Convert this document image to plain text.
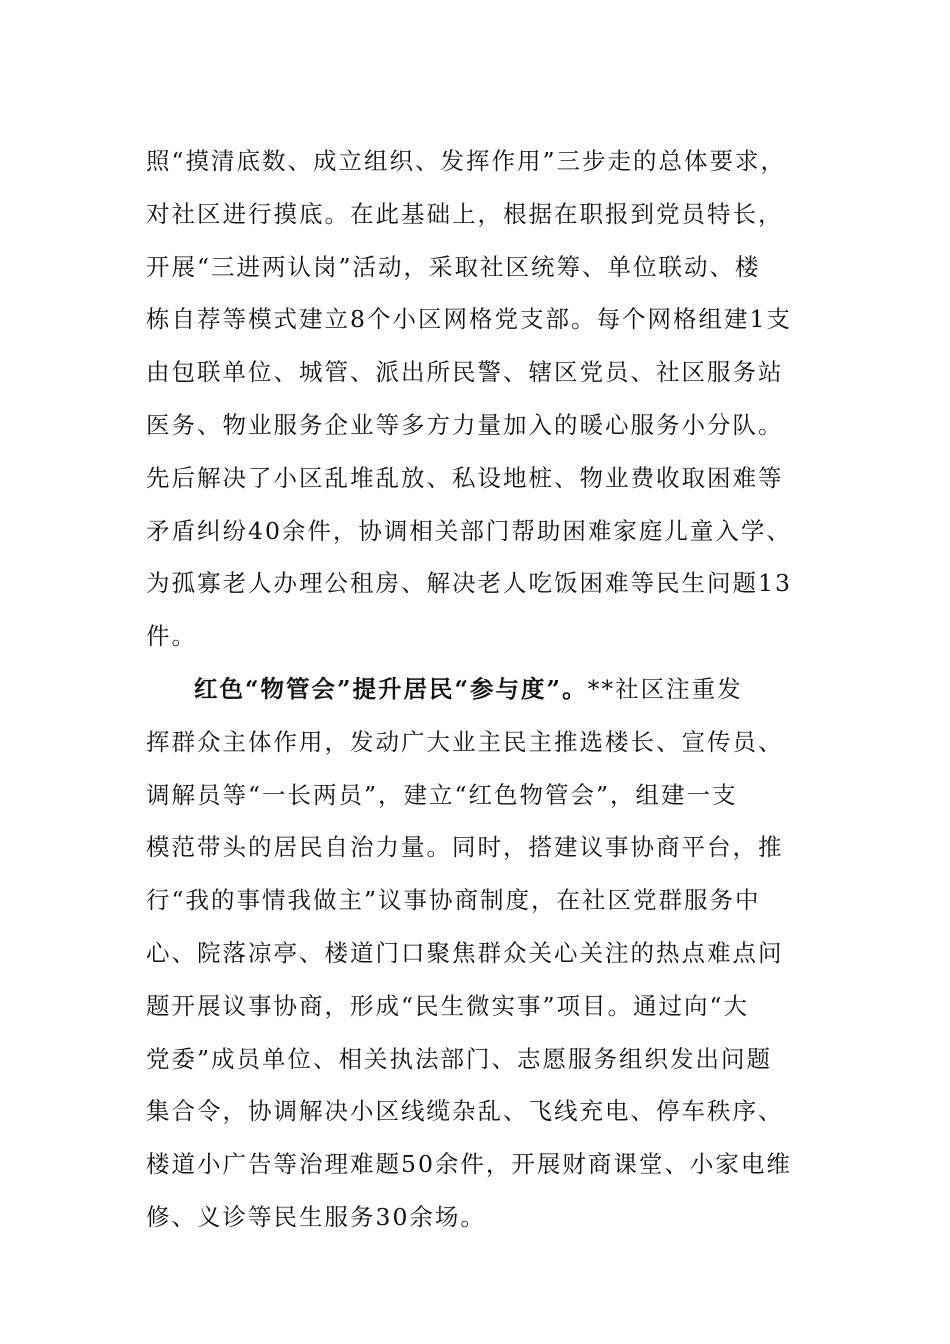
照“摸清底数、成立组织、发挥作用”三步走的总体要求，
对社区进行摸底。在此基础上，根据在职报到党员特长，
开展“三进两认岗”活动，采取社区统筹、单位联动、楼
栋自荐等模式建立8个小区网格党支部。每个网格组建1支
由包联单位、城管、派出所民警、辖区党员、社区服务站
医务、物业服务企业等多方力量加入的暖心服务小分队。
先后解决了小区乱堆乱放、私设地桩、物业费收取困难等
矛盾纠纷40余件，协调相关部门帮助困难家庭儿童入学、
为孤寡老人办理公租房、解决老人吃饭困难等民生问题13
件。
红色“物管会”提升居民“参与度”。**社区注重发
挥群众主体作用，发动广大业主民主推选楼长、宣传员、
调解员等“一长两员”，建立“红色物管会”，组建一支
模范带头的居民自治力量。同时，搭建议事协商平台，推
行“我的事情我做主”议事协商制度，在社区党群服务中
心、院落凉亭、楼道门口聚焦群众关心关注的热点难点问
题开展议事协商，形成“民生微实事”项目。通过向“大
党委”成员单位、相关执法部门、志愿服务组织发出问题
集合令，协调解决小区线缆杂乱、飞线充电、停车秩序、
楼道小广告等治理难题50余件，开展财商课堂、小家电维
修、义诊等民生服务30余场。
